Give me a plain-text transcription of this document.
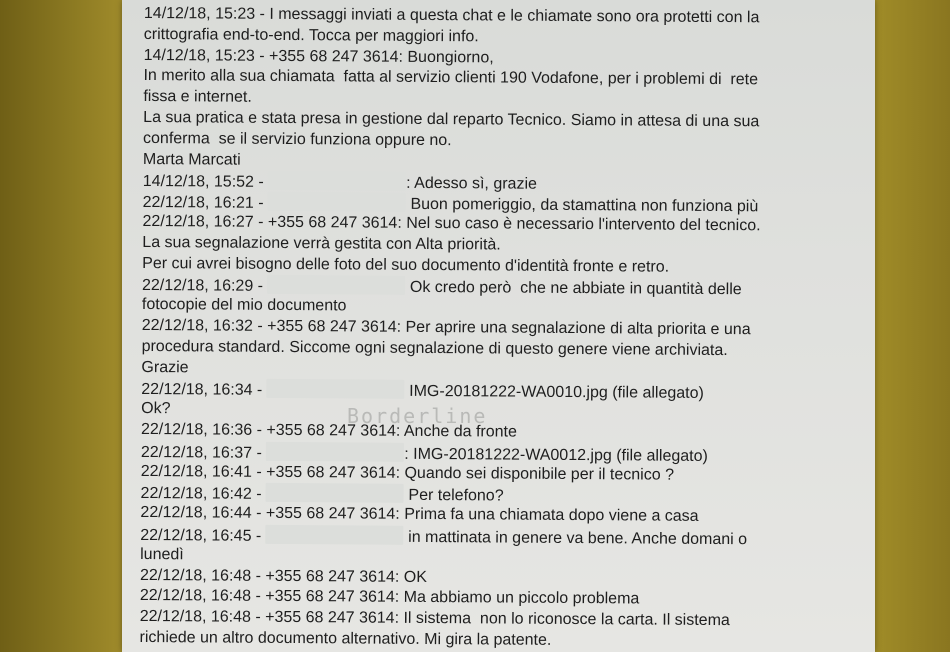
14/12/18, 15:23 - I messaggi inviati a questa chat e le chiamate sono ora protetti con la
crittografia end-to-end. Tocca per maggiori info.
14/12/18, 15:23 - +355 68 247 3614: Buongiorno,
In merito alla sua chiamata  fatta al servizio clienti 190 Vodafone, per i problemi di  rete
fissa e internet.
La sua pratica e stata presa in gestione dal reparto Tecnico. Siamo in attesa di una sua
conferma  se il servizio funziona oppure no.
Marta Marcati
14/12/18, 15:52 -	: Adesso sì, grazie
22/12/18, 16:21 -	Buon pomeriggio, da stamattina non funziona più
22/12/18, 16:27 - +355 68 247 3614: Nel suo caso è necessario l'intervento del tecnico.
La sua segnalazione verrà gestita con Alta priorità.
Per cui avrei bisogno delle foto del suo documento d'identità fronte e retro.
22/12/18, 16:29 -	Ok credo però  che ne abbiate in quantità delle
fotocopie del mio documento
22/12/18, 16:32 - +355 68 247 3614: Per aprire una segnalazione di alta priorita e una
procedura standard. Siccome ogni segnalazione di questo genere viene archiviata.
Grazie
22/12/18, 16:34 -	IMG-20181222-WA0010.jpg (file allegato)
Ok?
22/12/18, 16:36 - +355 68 247 3614: Anche da fronte
22/12/18, 16:37 -	: IMG-20181222-WA0012.jpg (file allegato)
22/12/18, 16:41 - +355 68 247 3614: Quando sei disponibile per il tecnico ?
22/12/18, 16:42 -	Per telefono?
22/12/18, 16:44 - +355 68 247 3614: Prima fa una chiamata dopo viene a casa
22/12/18, 16:45 -	in mattinata in genere va bene. Anche domani o
lunedì
22/12/18, 16:48 - +355 68 247 3614: OK
22/12/18, 16:48 - +355 68 247 3614: Ma abbiamo un piccolo problema
22/12/18, 16:48 - +355 68 247 3614: Il sistema  non lo riconosce la carta. Il sistema
richiede un altro documento alternativo. Mi gira la patente.
Borderline
